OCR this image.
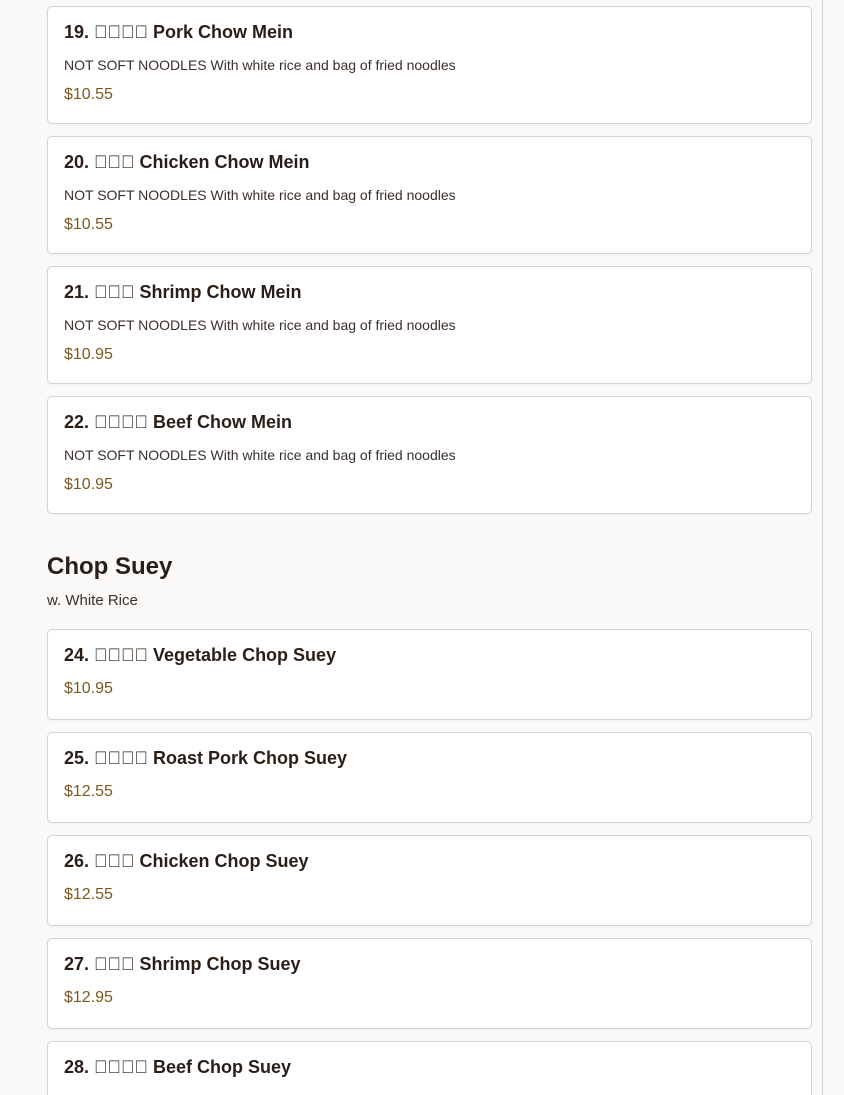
19.      Pork Chow Mein
NOT SOFT NOODLES With white rice and bag of fried noodles
$10.55
20.     Chicken Chow Mein
NOT SOFT NOODLES With white rice and bag of fried noodles
$10.55
21.     Shrimp Chow Mein
NOT SOFT NOODLES With white rice and bag of fried noodles
$10.95
22.      Beef Chow Mein
NOT SOFT NOODLES With white rice and bag of fried noodles
$10.95
Chop Suey
w. White Rice
24.      Vegetable Chop Suey
$10.95
25.      Roast Pork Chop Suey
$12.55
26.     Chicken Chop Suey
$12.55
27.     Shrimp Chop Suey
$12.95
28.      Beef Chop Suey
